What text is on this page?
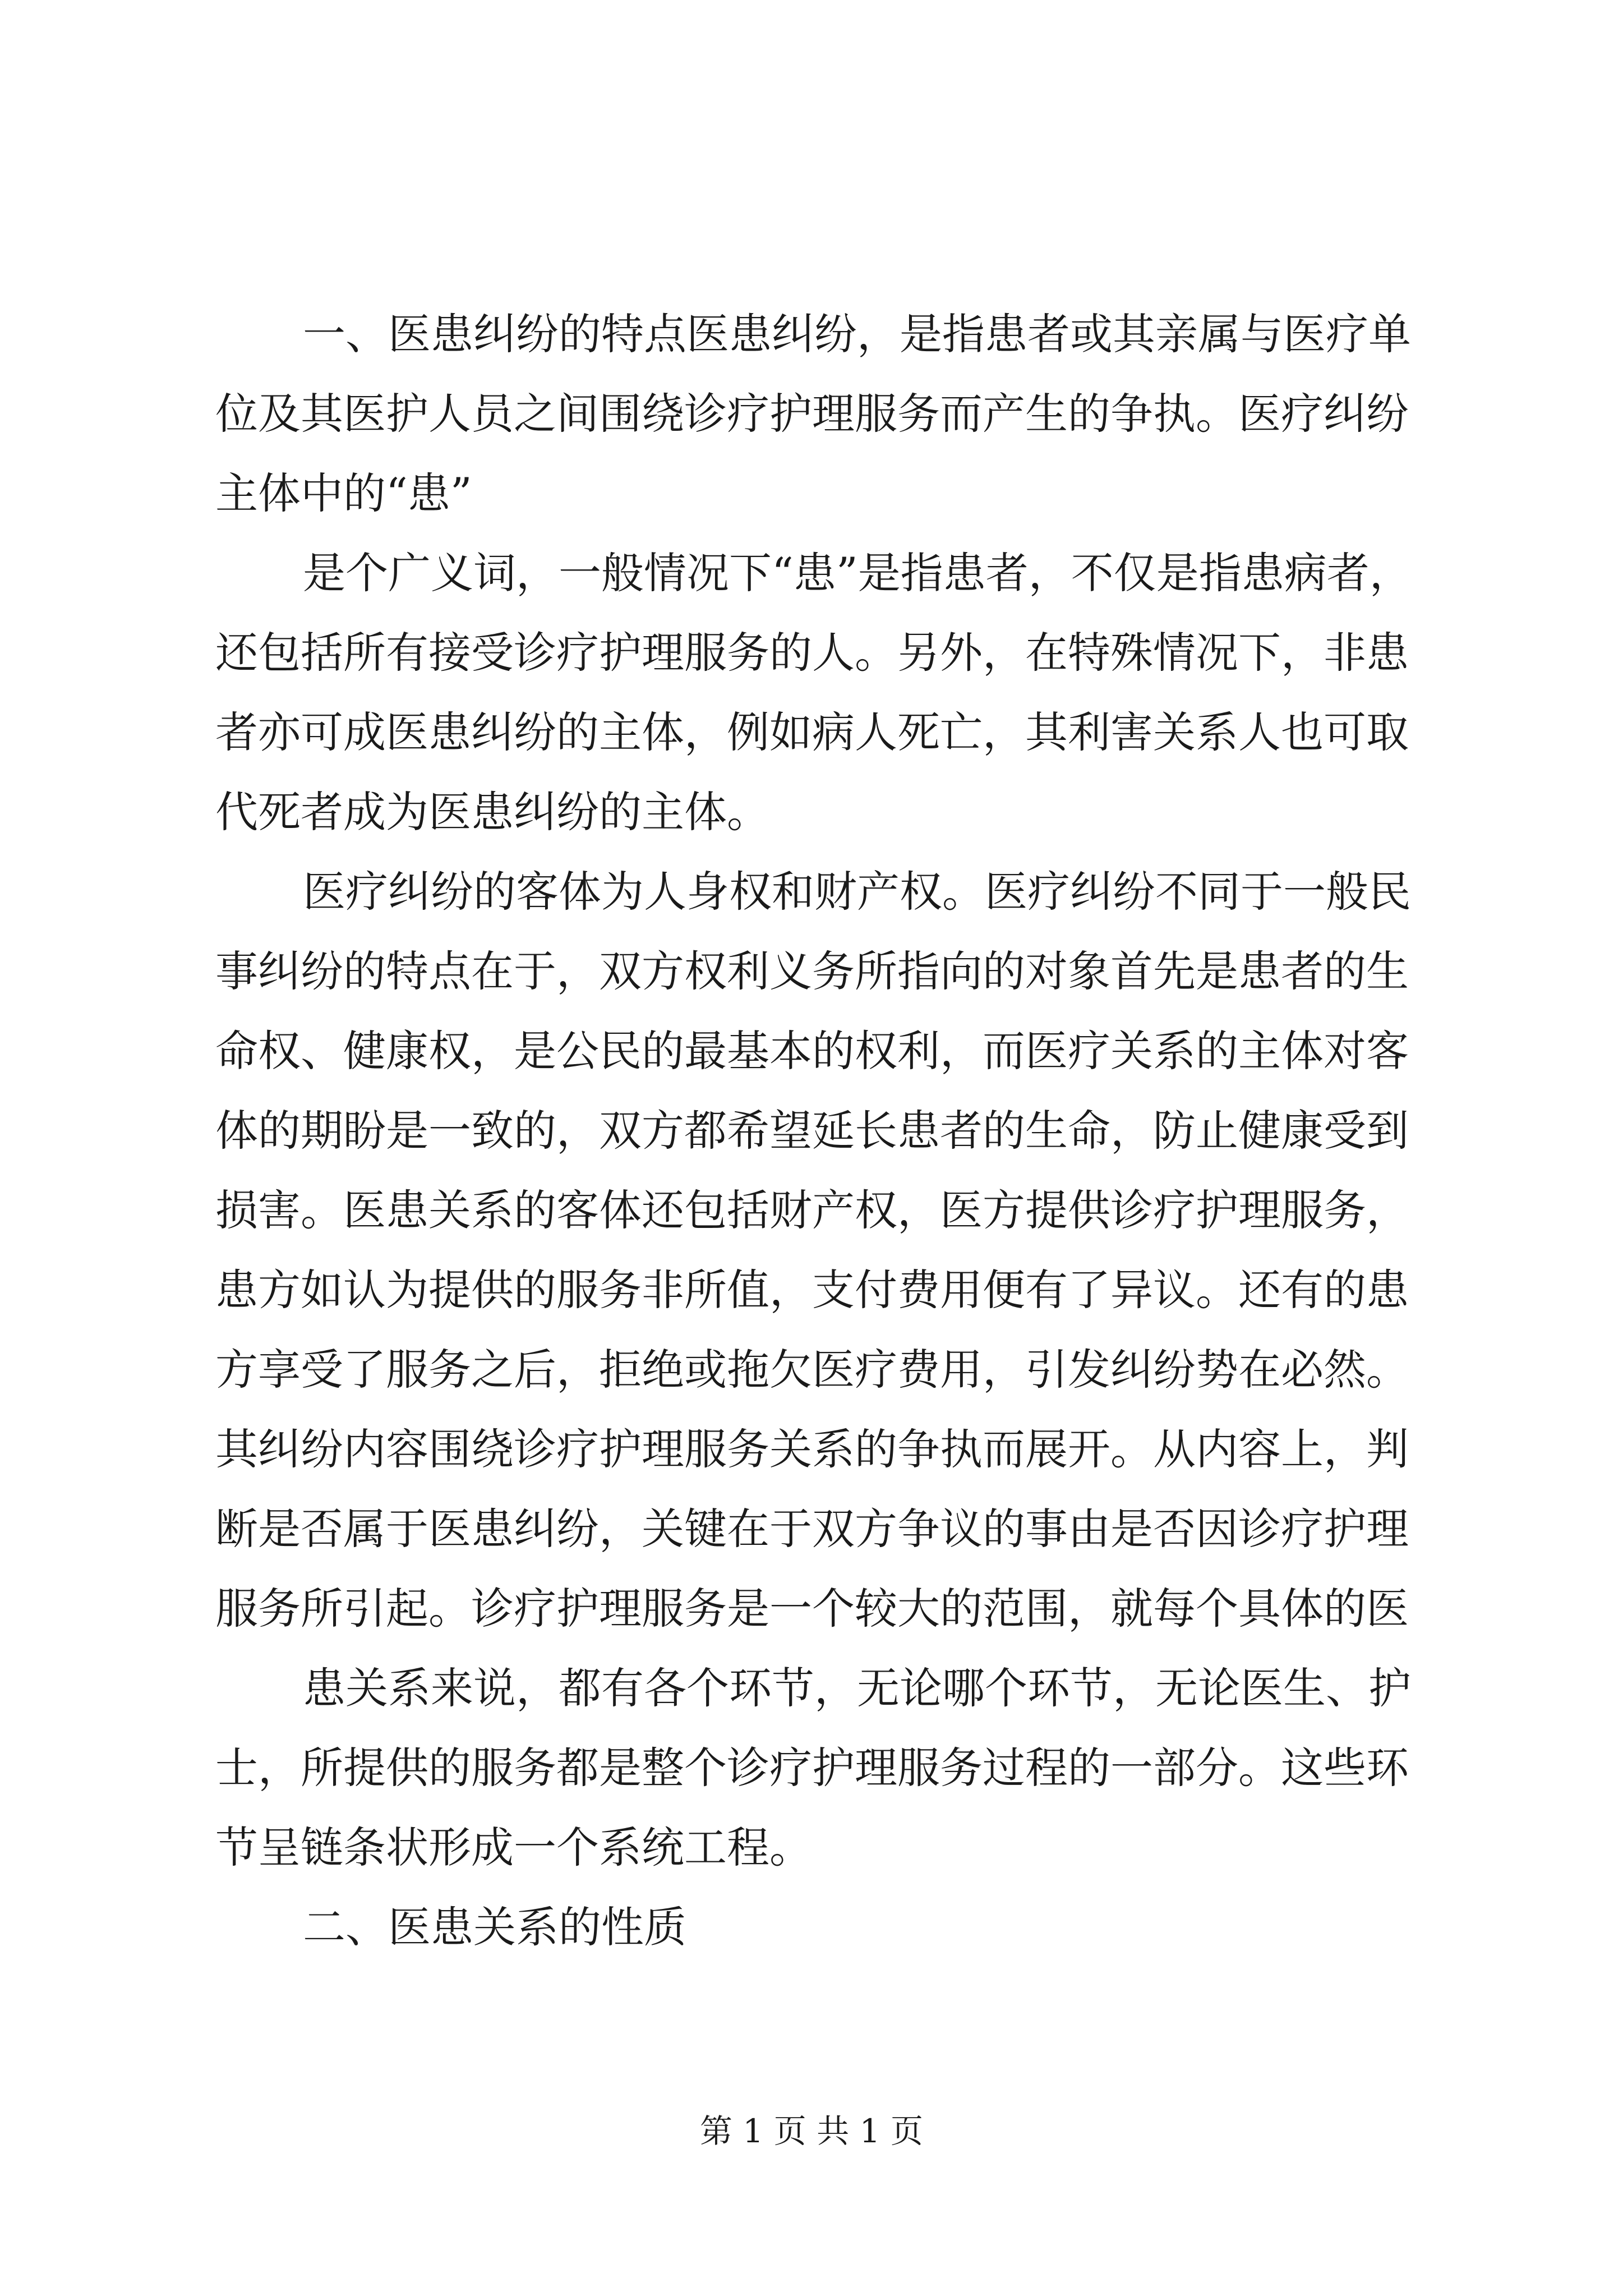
一、医患纠纷的特点医患纠纷，是指患者或其亲属与医疗单
位及其医护人员之间围绕诊疗护理服务而产生的争执。医疗纠纷
主体中的“患”
是个广义词，一般情况下“患”是指患者，不仅是指患病者，
还包括所有接受诊疗护理服务的人。另外，在特殊情况下，非患
者亦可成医患纠纷的主体，例如病人死亡，其利害关系人也可取
代死者成为医患纠纷的主体。
医疗纠纷的客体为人身权和财产权。医疗纠纷不同于一般民
事纠纷的特点在于，双方权利义务所指向的对象首先是患者的生
命权、健康权，是公民的最基本的权利，而医疗关系的主体对客
体的期盼是一致的，双方都希望延长患者的生命，防止健康受到
损害。医患关系的客体还包括财产权，医方提供诊疗护理服务，
患方如认为提供的服务非所值，支付费用便有了异议。还有的患
方享受了服务之后，拒绝或拖欠医疗费用，引发纠纷势在必然。
其纠纷内容围绕诊疗护理服务关系的争执而展开。从内容上，判
断是否属于医患纠纷，关键在于双方争议的事由是否因诊疗护理
服务所引起。诊疗护理服务是一个较大的范围，就每个具体的医
患关系来说，都有各个环节，无论哪个环节，无论医生、护
士，所提供的服务都是整个诊疗护理服务过程的一部分。这些环
节呈链条状形成一个系统工程。
二、医患关系的性质
第 1 页 共 1 页
